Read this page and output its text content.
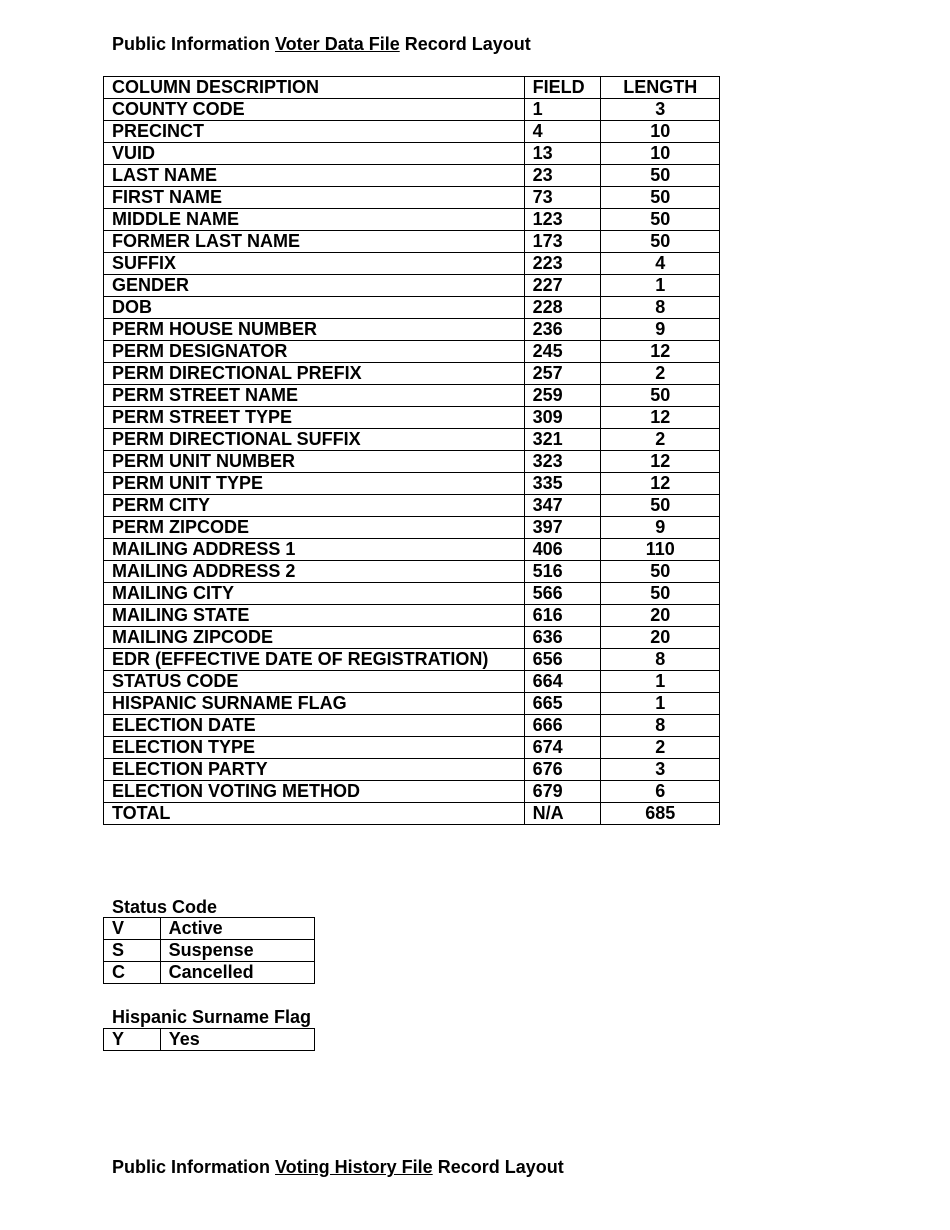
Public Information Voter Data File Record Layout
COLUMN DESCRIPTION	FIELD	LENGTH
COUNTY CODE	1	3
PRECINCT	4	10
VUID	13	10
LAST NAME	23	50
FIRST NAME	73	50
MIDDLE NAME	123	50
FORMER LAST NAME	173	50
SUFFIX	223	4
GENDER	227	1
DOB	228	8
PERM HOUSE NUMBER	236	9
PERM DESIGNATOR	245	12
PERM DIRECTIONAL PREFIX	257	2
PERM STREET NAME	259	50
PERM STREET TYPE	309	12
PERM DIRECTIONAL SUFFIX	321	2
PERM UNIT NUMBER	323	12
PERM UNIT TYPE	335	12
PERM CITY	347	50
PERM ZIPCODE	397	9
MAILING ADDRESS 1	406	110
MAILING ADDRESS 2	516	50
MAILING CITY	566	50
MAILING STATE	616	20
MAILING ZIPCODE	636	20
EDR (EFFECTIVE DATE OF REGISTRATION)	656	8
STATUS CODE	664	1
HISPANIC SURNAME FLAG	665	1
ELECTION DATE	666	8
ELECTION TYPE	674	2
ELECTION PARTY	676	3
ELECTION VOTING METHOD	679	6
TOTAL	N/A	685
Status Code
V	Active
S	Suspense
C	Cancelled
Hispanic Surname Flag
Y	Yes
Public Information Voting History File Record Layout
